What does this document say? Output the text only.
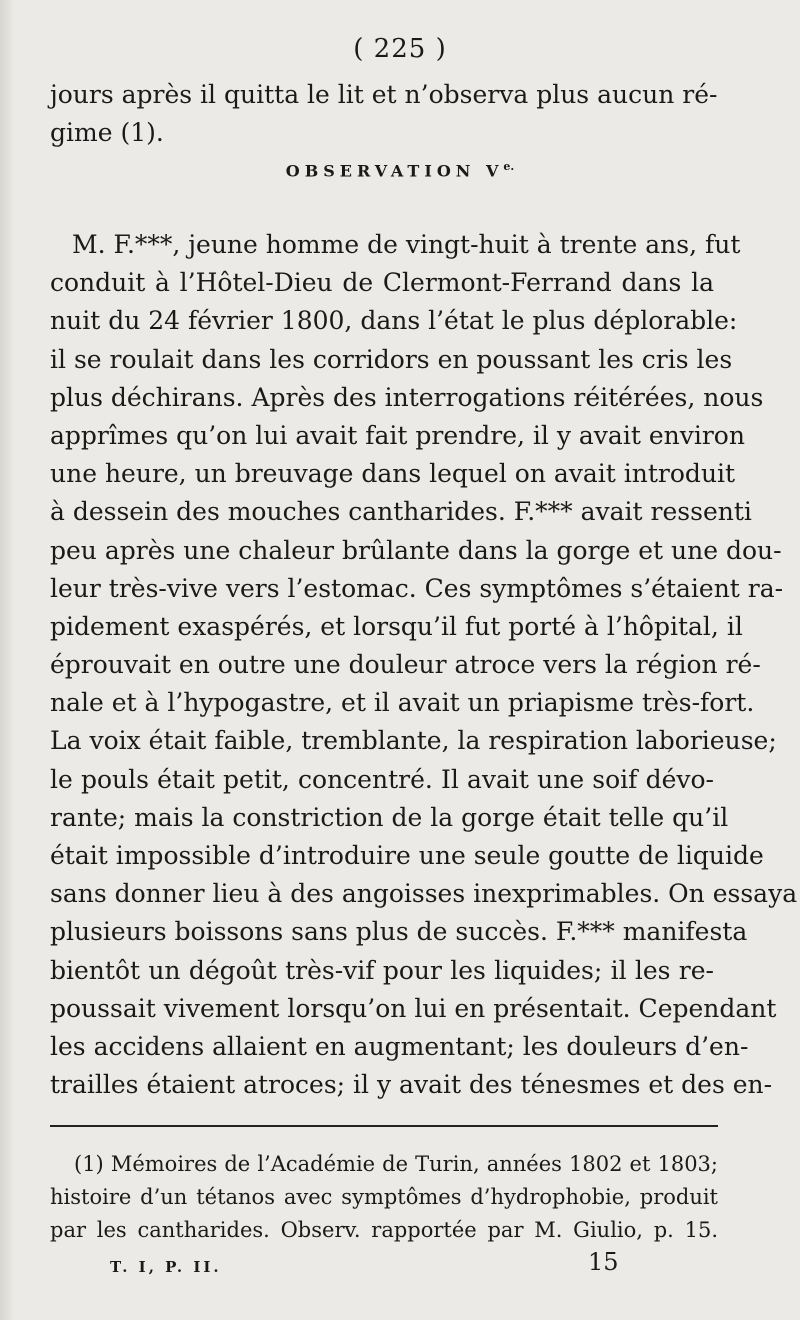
( 225 )
jours après il quitta le lit et n’observa plus aucun ré-
gime (1).
OBSERVATION $V^{e.}$
M. F.***, jeune homme de vingt-huit à trente ans, fut
conduit à l’Hôtel-Dieu de Clermont-Ferrand dans la
nuit du 24 février 1800, dans l’état le plus déplorable:
il se roulait dans les corridors en poussant les cris les
plus déchirans. Après des interrogations réitérées, nous
apprîmes qu’on lui avait fait prendre, il y avait environ
une heure, un breuvage dans lequel on avait introduit
à dessein des mouches cantharides. F.*** avait ressenti
peu après une chaleur brûlante dans la gorge et une dou-
leur très-vive vers l’estomac. Ces symptômes s’étaient ra-
pidement exaspérés, et lorsqu’il fut porté à l’hôpital, il
éprouvait en outre une douleur atroce vers la région ré-
nale et à l’hypogastre, et il avait un priapisme très-fort.
La voix était faible, tremblante, la respiration laborieuse;
le pouls était petit, concentré. Il avait une soif dévo-
rante; mais la constriction de la gorge était telle qu’il
était impossible d’introduire une seule goutte de liquide
sans donner lieu à des angoisses inexprimables. On essaya
plusieurs boissons sans plus de succès. F.*** manifesta
bientôt un dégoût très-vif pour les liquides; il les re-
poussait vivement lorsqu’on lui en présentait. Cependant
les accidens allaient en augmentant; les douleurs d’en-
trailles étaient atroces; il y avait des ténesmes et des en-
(1) Mémoires de l’Académie de Turin, années 1802 et 1803;
histoire d’un tétanos avec symptômes d’hydrophobie, produit
par les cantharides. Observ. rapportée par M. Giulio, p. 15.
T. I, P. II.	15
